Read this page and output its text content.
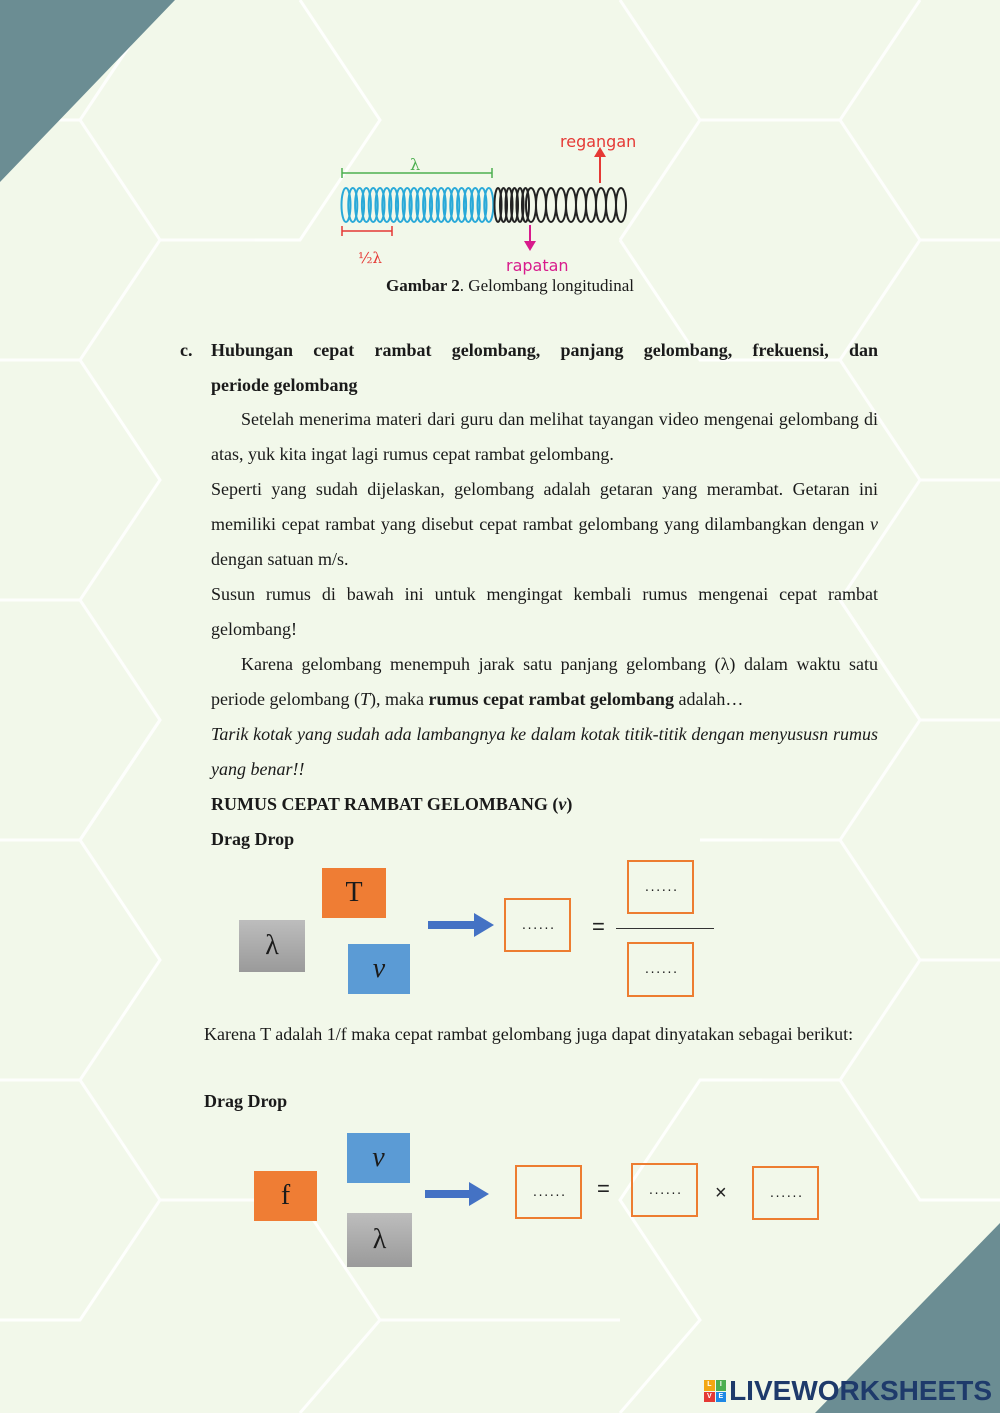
λ
½λ
regangan
rapatan
Gambar 2. Gelombang longitudinal
c. Hubungan cepat rambat gelombang, panjang gelombang, frekuensi, dan
periode gelombang
Setelah menerima materi dari guru dan melihat tayangan video mengenai gelombang di atas, yuk kita ingat lagi rumus cepat rambat gelombang.
Seperti yang sudah dijelaskan, gelombang adalah getaran yang merambat. Getaran ini memiliki cepat rambat yang disebut cepat rambat gelombang yang dilambangkan dengan v dengan satuan m/s.
Susun rumus di bawah ini untuk mengingat kembali rumus mengenai cepat rambat gelombang!
Karena gelombang menempuh jarak satu panjang gelombang (λ) dalam waktu satu periode gelombang (T), maka rumus cepat rambat gelombang adalah…
Tarik kotak yang sudah ada lambangnya ke dalam kotak titik-titik dengan menyususn rumus yang benar!!
RUMUS CEPAT RAMBAT GELOMBANG (v)
Drag Drop
T
λ
v
......	=
......
......
Karena T adalah 1/f maka cepat rambat gelombang juga dapat dinyatakan sebagai berikut:
Drag Drop
v
f
λ
......	=	......	×	......
L	I
V E LIVEWORKSHEETS
